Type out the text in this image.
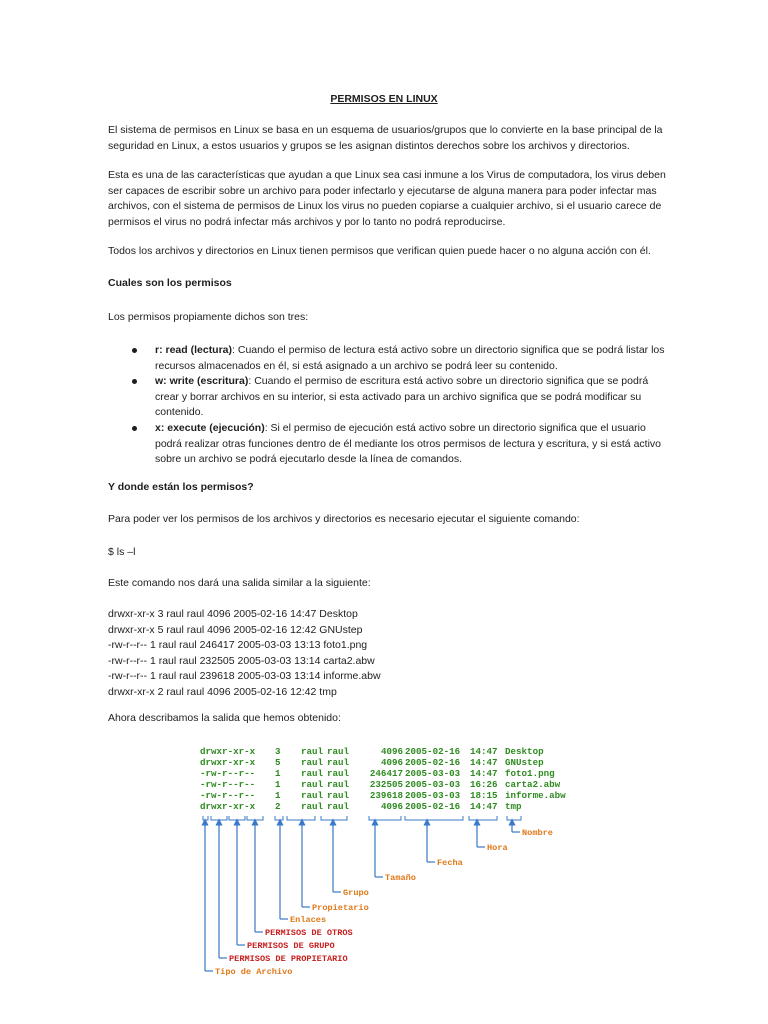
PERMISOS EN LINUX

El sistema de permisos en Linux se basa en un esquema de usuarios/grupos que lo convierte en la base principal de la seguridad en Linux, a estos usuarios y grupos se les asignan distintos derechos sobre los archivos y directorios.

Esta es una de las características que ayudan a que Linux sea casi inmune a los Virus de computadora, los virus deben ser capaces de escribir sobre un archivo para poder infectarlo y ejecutarse de alguna manera para poder infectar mas archivos, con el sistema de permisos de Linux los virus no pueden copiarse a cualquier archivo, si el usuario carece de permisos el virus no podrá infectar más archivos y por lo tanto no podrá reproducirse.

Todos los archivos y directorios en Linux tienen permisos que verifican quien puede hacer o no alguna acción con él.

Cuales son los permisos

Los permisos propiamente dichos son tres:

r: read (lectura): Cuando el permiso de lectura está activo sobre un directorio significa que se podrá listar los recursos almacenados en él, si está asignado a un archivo se podrá leer su contenido.
w: write (escritura): Cuando el permiso de escritura está activo sobre un directorio significa que se podrá crear y borrar archivos en su interior, si esta activado para un archivo significa que se podrá modificar su contenido.
x: execute (ejecución): Si el permiso de ejecución está activo sobre un directorio significa que el usuario podrá realizar otras funciones dentro de él mediante los otros permisos de lectura y escritura, y si está activo sobre un archivo se podrá ejecutarlo desde la línea de comandos.

Y donde están los permisos?

Para poder ver los permisos de los archivos y directorios es necesario ejecutar el siguiente comando:

$ ls –l

Este comando nos dará una salida similar a la siguiente:

drwxr-xr-x 3 raul raul 4096 2005-02-16 14:47 Desktop
drwxr-xr-x 5 raul raul 4096 2005-02-16 12:42 GNUstep
-rw-r--r-- 1 raul raul 246417 2005-03-03 13:13 foto1.png
-rw-r--r-- 1 raul raul 232505 2005-03-03 13:14 carta2.abw
-rw-r--r-- 1 raul raul 239618 2005-03-03 13:14 informe.abw
drwxr-xr-x 2 raul raul 4096 2005-02-16 12:42 tmp

Ahora describamos la salida que hemos obtenido:

drwxr-xr-x 3 raul raul	4096 2005-02-16 14:47 Desktop
drwxr-xr-x 5 raul raul	4096 2005-02-16 14:47 GNUstep
-rw-r--r-- 1 raul raul 246417 2005-03-03 14:47 foto1.png
-rw-r--r-- 1 raul raul 232505 2005-03-03 16:26 carta2.abw
-rw-r--r-- 1 raul raul 239618 2005-03-03 18:15 informe.abw
drwxr-xr-x 2 raul raul	4096 2005-02-16 14:47 tmp
Nombre
Hora
Fecha
Tamaño
Grupo
Propietario
Enlaces
PERMISOS DE OTROS
PERMISOS DE GRUPO
PERMISOS DE PROPIETARIO
Tipo de Archivo
